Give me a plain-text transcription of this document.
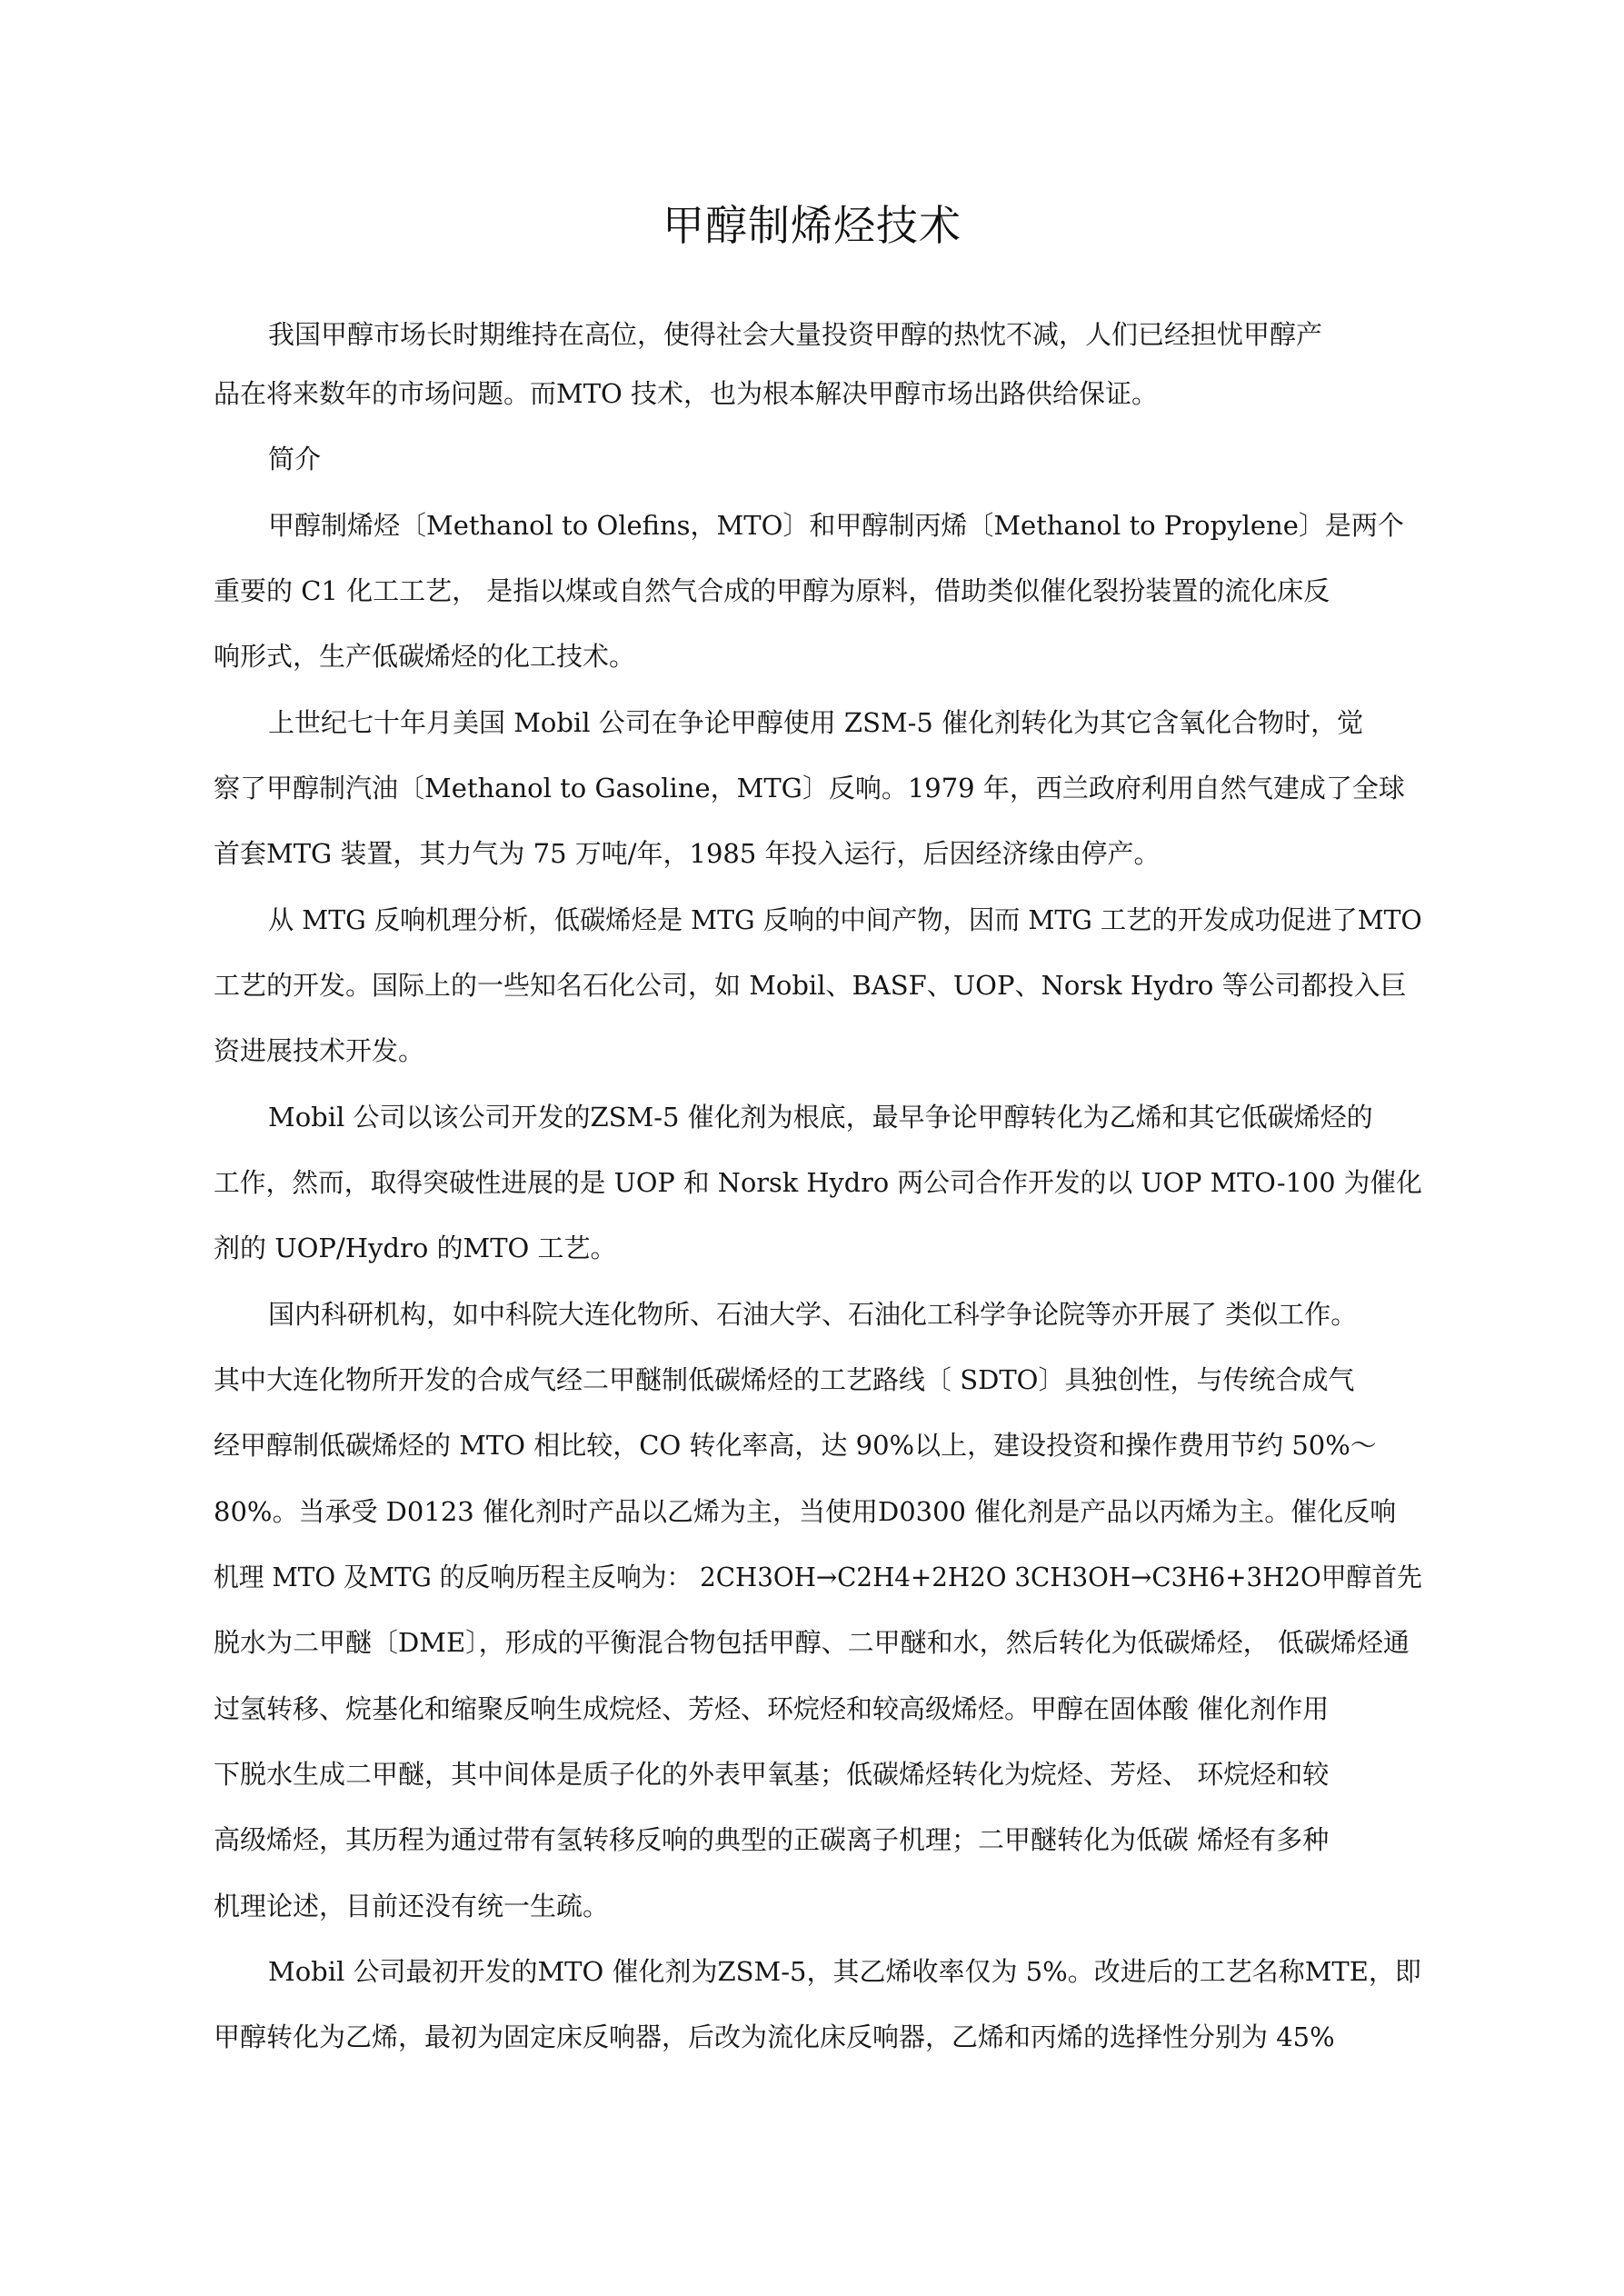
甲醇制烯烃技术
我国甲醇市场长时期维持在高位，使得社会大量投资甲醇的热忱不减，人们已经担忧甲醇产
品在将来数年的市场问题。而MTO 技术，也为根本解决甲醇市场出路供给保证。
简介
甲醇制烯烃〔Methanol to Olefins，MTO〕和甲醇制丙烯〔Methanol to Propylene〕是两个
重要的 C1 化工工艺， 是指以煤或自然气合成的甲醇为原料，借助类似催化裂扮装置的流化床反
响形式，生产低碳烯烃的化工技术。
上世纪七十年月美国 Mobil 公司在争论甲醇使用 ZSM-5 催化剂转化为其它含氧化合物时，觉
察了甲醇制汽油〔Methanol to Gasoline，MTG〕反响。1979 年，西兰政府利用自然气建成了全球
首套MTG 装置，其力气为 75 万吨/年，1985 年投入运行，后因经济缘由停产。
从 MTG 反响机理分析，低碳烯烃是 MTG 反响的中间产物，因而 MTG 工艺的开发成功促进了MTO
工艺的开发。国际上的一些知名石化公司，如 Mobil、BASF、UOP、Norsk Hydro 等公司都投入巨
资进展技术开发。
Mobil 公司以该公司开发的ZSM-5 催化剂为根底，最早争论甲醇转化为乙烯和其它低碳烯烃的
工作，然而，取得突破性进展的是 UOP 和 Norsk Hydro 两公司合作开发的以 UOP MTO-100 为催化
剂的 UOP/Hydro 的MTO 工艺。
国内科研机构，如中科院大连化物所、石油大学、石油化工科学争论院等亦开展了 类似工作。
其中大连化物所开发的合成气经二甲醚制低碳烯烃的工艺路线〔 SDTO〕具独创性，与传统合成气
经甲醇制低碳烯烃的 MTO 相比较，CO 转化率高，达 90%以上，建设投资和操作费用节约 50%～
80%。当承受 D0123 催化剂时产品以乙烯为主，当使用D0300 催化剂是产品以丙烯为主。催化反响
机理 MTO 及MTG 的反响历程主反响为： 2CH3OH→C2H4+2H2O 3CH3OH→C3H6+3H2O甲醇首先
脱水为二甲醚〔DME〕，形成的平衡混合物包括甲醇、二甲醚和水，然后转化为低碳烯烃， 低碳烯烃通
过氢转移、烷基化和缩聚反响生成烷烃、芳烃、环烷烃和较高级烯烃。甲醇在固体酸 催化剂作用
下脱水生成二甲醚，其中间体是质子化的外表甲氧基；低碳烯烃转化为烷烃、芳烃、 环烷烃和较
高级烯烃，其历程为通过带有氢转移反响的典型的正碳离子机理；二甲醚转化为低碳 烯烃有多种
机理论述，目前还没有统一生疏。
Mobil 公司最初开发的MTO 催化剂为ZSM-5，其乙烯收率仅为 5%。改进后的工艺名称MTE，即
甲醇转化为乙烯，最初为固定床反响器，后改为流化床反响器，乙烯和丙烯的选择性分别为 45%
